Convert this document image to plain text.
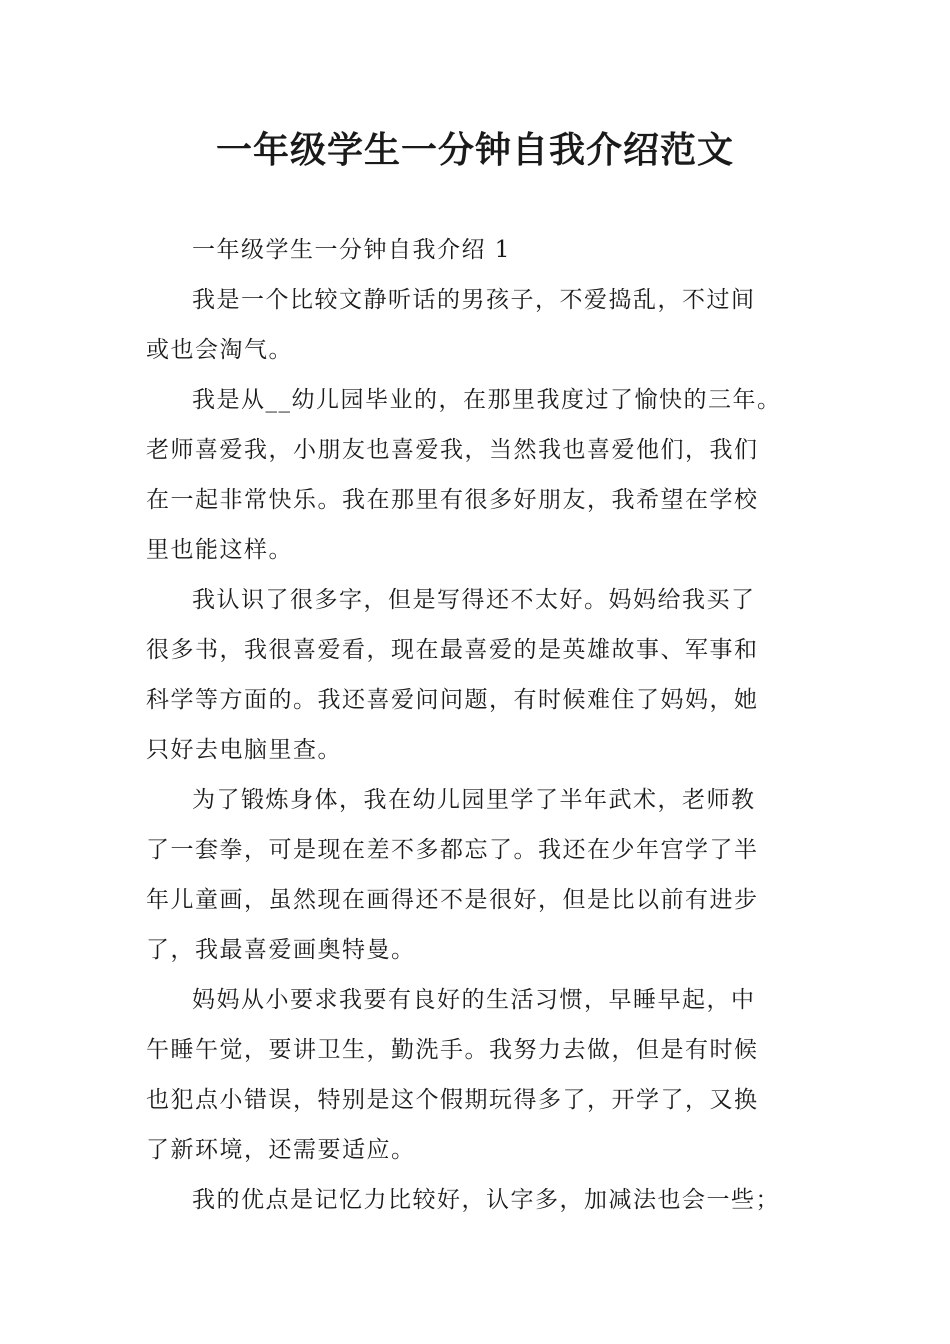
一年级学生一分钟自我介绍范文

一年级学生一分钟自我介绍 1

我是一个比较文静听话的男孩子，不爱捣乱，不过间
或也会淘气。

我是从__幼儿园毕业的，在那里我度过了愉快的三年。
老师喜爱我，小朋友也喜爱我，当然我也喜爱他们，我们
在一起非常快乐。我在那里有很多好朋友，我希望在学校
里也能这样。

我认识了很多字，但是写得还不太好。妈妈给我买了
很多书，我很喜爱看，现在最喜爱的是英雄故事、军事和
科学等方面的。我还喜爱问问题，有时候难住了妈妈，她
只好去电脑里查。

为了锻炼身体，我在幼儿园里学了半年武术，老师教
了一套拳，可是现在差不多都忘了。我还在少年宫学了半
年儿童画，虽然现在画得还不是很好，但是比以前有进步
了，我最喜爱画奥特曼。

妈妈从小要求我要有良好的生活习惯，早睡早起，中
午睡午觉，要讲卫生，勤洗手。我努力去做，但是有时候
也犯点小错误，特别是这个假期玩得多了，开学了，又换
了新环境，还需要适应。

我的优点是记忆力比较好，认字多，加减法也会一些；
